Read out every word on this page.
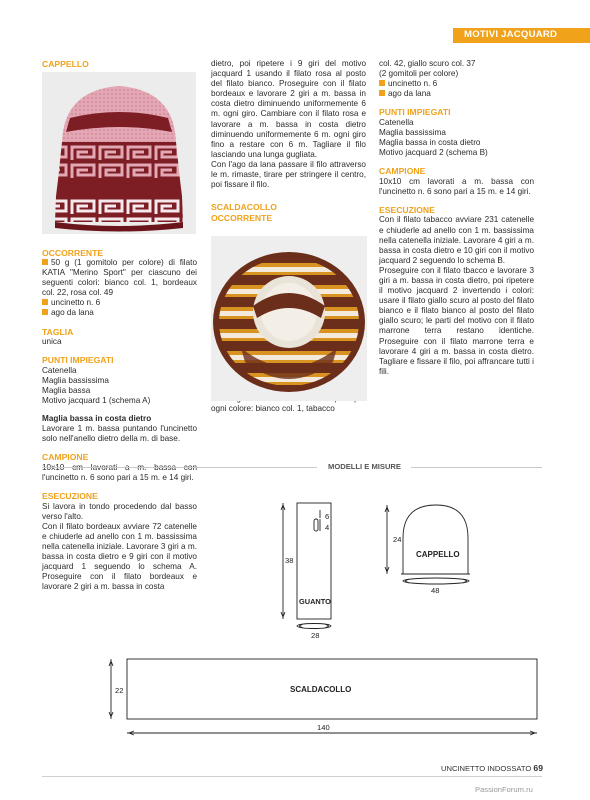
MOTIVI JACQUARD
CAPPELLO
OCCORRENTE
50 g (1 gomitolo per colore) di filato KATIA "Merino Sport" per ciascuno dei seguenti colori: bianco col. 1, bordeaux col. 22, rosa col. 49
uncinetto n. 6
ago da lana
TAGLIA
unica
PUNTI IMPIEGATI
Catenella
Maglia bassissima
Maglia bassa
Motivo jacquard 1 (schema A)
Maglia bassa in costa dietro
Lavorare 1 m. bassa puntando l'uncinetto solo nell'anello dietro della m. di base.
CAMPIONE
l'uncinetto n. 6 sono pari a 15 m. e 14 giri.
ESECUZIONE
Si lavora in tondo procedendo dal basso verso l'alto.
Con il filato bordeaux avviare 72 catenelle e chiuderle ad anello con 1 m. bassissima nella catenella iniziale. Lavorare 3 giri a m. bassa in costa dietro e 9 giri con il motivo jacquard 1 seguendo lo schema A. Proseguire con il filato bordeaux e lavorare 2 giri a m. bassa in costa
dietro, poi ripetere i 9 giri del motivo jacquard 1 usando il filato rosa al posto del filato bianco. Proseguire con il filato bordeaux e lavorare 2 giri a m. bassa in costa dietro diminuendo uniformemente 6 m. ogni giro. Cambiare con il filato rosa e lavorare a m. bassa in costa dietro diminuendo uniformemente 6 m. ogni giro fino a restare con 6 m. Tagliare il filo lasciando una lunga gugliata.
Con l'ago da lana passare il filo attraverso le m. rimaste, tirare per stringere il centro, poi fissare il filo.
SCALDACOLLO
OCCORRENTE
ogni colore: bianco col. 1, tabacco
col. 42, giallo scuro col. 37
(2 gomitoli per colore)
uncinetto n. 6
ago da lana
PUNTI IMPIEGATI
Catenella
Maglia bassissima
Maglia bassa in costa dietro
Motivo jacquard 2 (schema B)
CAMPIONE
10x10 cm lavorati a m. bassa con l'uncinetto n. 6 sono pari a 15 m. e 14 giri.
ESECUZIONE
Con il filato tabacco avviare 231 catenelle e chiuderle ad anello con 1 m. bassissima nella catenella iniziale. Lavorare 4 giri a m. bassa in costa dietro e 10 giri con il motivo jacquard 2 seguendo lo schema B.
Proseguire con il filato tbacco e lavorare 3 giri a m. bassa in costa dietro, poi ripetere il motivo jacquard 2 invertendo i colori: usare il filato giallo scuro al posto del filato bianco e il filato bianco al posto del filato giallo scuro; le parti del motivo con il filato marrone terra restano identiche. Proseguire con il filato marrone terra e lavorare 4 giri a m. bassa in costa dietro. Tagliare e fissare il filo, poi affrancare tutti i fili.
MODELLI E MISURE
38
6
4
GUANTO
28
24
CAPPELLO
48
22	SCALDACOLLO
140
UNCINETTO INDOSSATO 69
PassionForum.ru
